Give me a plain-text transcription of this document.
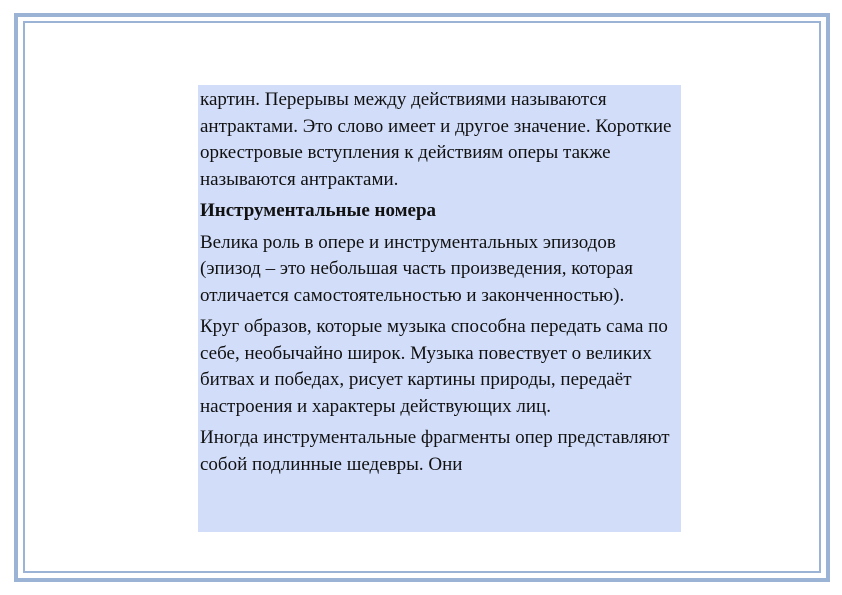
картин. Перерывы между действиями называются антрактами. Это слово имеет и другое значение. Короткие оркестровые вступления к действиям оперы также называются антрактами.

Инструментальные номера

Велика роль в опере и инструментальных эпизодов (эпизод – это небольшая часть произведения, которая отличается самостоятельностью и законченностью).

Круг образов, которые музыка способна передать сама по себе, необычайно широк. Музыка повествует о великих битвах и победах, рисует картины природы, передаёт настроения и характеры действующих лиц.

Иногда инструментальные фрагменты опер представляют собой подлинные шедевры. Они
